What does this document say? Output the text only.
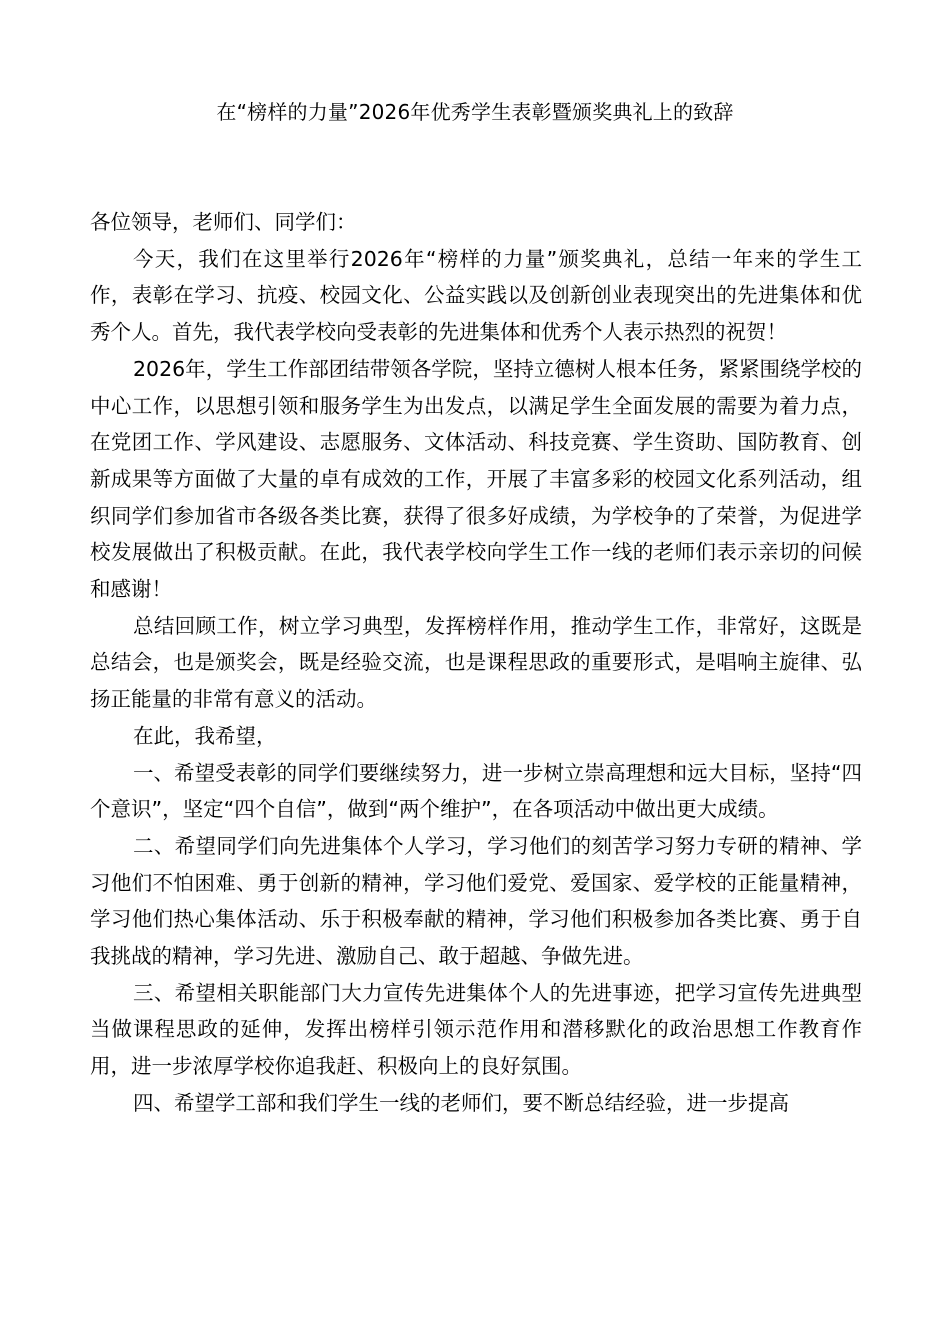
在“榜样的力量”2026年优秀学生表彰暨颁奖典礼上的致辞

各位领导，老师们、同学们：

今天，我们在这里举行2026年“榜样的力量”颁奖典礼，总结一年来的学生工作，表彰在学习、抗疫、校园文化、公益实践以及创新创业表现突出的先进集体和优秀个人。首先，我代表学校向受表彰的先进集体和优秀个人表示热烈的祝贺！

2026年，学生工作部团结带领各学院，坚持立德树人根本任务，紧紧围绕学校的中心工作，以思想引领和服务学生为出发点，以满足学生全面发展的需要为着力点，在党团工作、学风建设、志愿服务、文体活动、科技竞赛、学生资助、国防教育、创新成果等方面做了大量的卓有成效的工作，开展了丰富多彩的校园文化系列活动，组织同学们参加省市各级各类比赛，获得了很多好成绩，为学校争的了荣誉，为促进学校发展做出了积极贡献。在此，我代表学校向学生工作一线的老师们表示亲切的问候和感谢！

总结回顾工作，树立学习典型，发挥榜样作用，推动学生工作，非常好，这既是总结会，也是颁奖会，既是经验交流，也是课程思政的重要形式，是唱响主旋律、弘扬正能量的非常有意义的活动。

在此，我希望，

一、希望受表彰的同学们要继续努力，进一步树立崇高理想和远大目标，坚持“四个意识”，坚定“四个自信”，做到“两个维护”，在各项活动中做出更大成绩。

二、希望同学们向先进集体个人学习，学习他们的刻苦学习努力专研的精神、学习他们不怕困难、勇于创新的精神，学习他们爱党、爱国家、爱学校的正能量精神，学习他们热心集体活动、乐于积极奉献的精神，学习他们积极参加各类比赛、勇于自我挑战的精神，学习先进、激励自己、敢于超越、争做先进。

三、希望相关职能部门大力宣传先进集体个人的先进事迹，把学习宣传先进典型当做课程思政的延伸，发挥出榜样引领示范作用和潜移默化的政治思想工作教育作用，进一步浓厚学校你追我赶、积极向上的良好氛围。

四、希望学工部和我们学生一线的老师们，要不断总结经验，进一步提高
